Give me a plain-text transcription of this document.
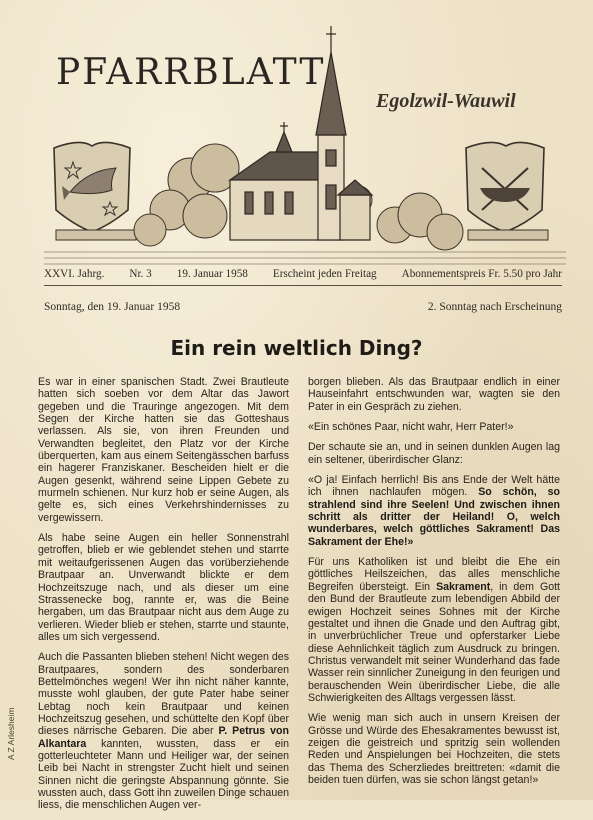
PFARRBLATT
Egolzwil-Wauwil
XXVI. Jahrg. Nr. 3 19. Januar 1958 Erscheint jeden Freitag Abonnementspreis Fr. 5.50 pro Jahr
Sonntag, den 19. Januar 1958	2. Sonntag nach Erscheinung
Ein rein weltlich Ding?

Es war in einer spanischen Stadt. Zwei Brautleute hatten sich soeben vor dem Altar das Jawort gegeben und die Trauringe angezogen. Mit dem Segen der Kirche hatten sie das Gotteshaus verlassen. Als sie, von ihren Freunden und Verwandten begleitet, den Platz vor der Kirche überquerten, kam aus einem Seitengässchen barfuss ein hagerer Franziskaner. Bescheiden hielt er die Augen gesenkt, während seine Lippen Gebete zu murmeln schienen. Nur kurz hob er seine Augen, als gelte es, sich eines Verkehrshindernisses zu vergewissern.

Als habe seine Augen ein heller Sonnenstrahl getroffen, blieb er wie geblendet stehen und starrte mit weitaufgerissenen Augen das vorüberziehende Brautpaar an. Unverwandt blickte er dem Hochzeitszuge nach, und als dieser um eine Strassenecke bog, rannte er, was die Beine hergaben, um das Brautpaar nicht aus dem Auge zu verlieren. Wieder blieb er stehen, starrte und staunte, alles um sich vergessend.

Auch die Passanten blieben stehen! Nicht wegen des Brautpaares, sondern des sonderbaren Bettelmönches wegen! Wer ihn nicht näher kannte, musste wohl glauben, der gute Pater habe seiner Lebtag noch kein Brautpaar und keinen Hochzeitszug gesehen, und schüttelte den Kopf über dieses närrische Gebaren. Die aber P. Petrus von Alkantara kannten, wussten, dass er ein gotterleuchteter Mann und Heiliger war, der seinen Leib bei Nacht in strengster Zucht hielt und seinen Sinnen nicht die geringste Abspannung gönnte. Sie wussten auch, dass Gott ihn zuweilen Dinge schauen liess, die menschlichen Augen ver-

borgen blieben. Als das Brautpaar endlich in einer Hauseinfahrt entschwunden war, wagten sie den Pater in ein Gespräch zu ziehen.

«Ein schönes Paar, nicht wahr, Herr Pater!»

Der schaute sie an, und in seinen dunklen Augen lag ein seltener, überirdischer Glanz:

«O ja! Einfach herrlich! Bis ans Ende der Welt hätte ich ihnen nachlaufen mögen. So schön, so strahlend sind ihre Seelen! Und zwischen ihnen schritt als dritter der Heiland! O, welch wunderbares, welch göttliches Sakrament! Das Sakrament der Ehe!»

Für uns Katholiken ist und bleibt die Ehe ein göttliches Heilszeichen, das alles menschliche Begreifen übersteigt. Ein Sakrament, in dem Gott den Bund der Brautleute zum lebendigen Abbild der ewigen Hochzeit seines Sohnes mit der Kirche gestaltet und ihnen die Gnade und den Auftrag gibt, in unverbrüchlicher Treue und opferstarker Liebe diese Aehnlichkeit täglich zum Ausdruck zu bringen. Christus verwandelt mit seiner Wunderhand das fade Wasser rein sinnlicher Zuneigung in den feurigen und berauschenden Wein überirdischer Liebe, die alle Schwierigkeiten des Alltags vergessen lässt.

Wie wenig man sich auch in unsern Kreisen der Grösse und Würde des Ehesakramentes bewusst ist, zeigen die geistreich und spritzig sein wollenden Reden und Anspielungen bei Hochzeiten, die stets das Thema des Scherzliedes breittreten: «damit die beiden tuen dürfen, was sie schon längst getan!»

A Z Arlesheim
